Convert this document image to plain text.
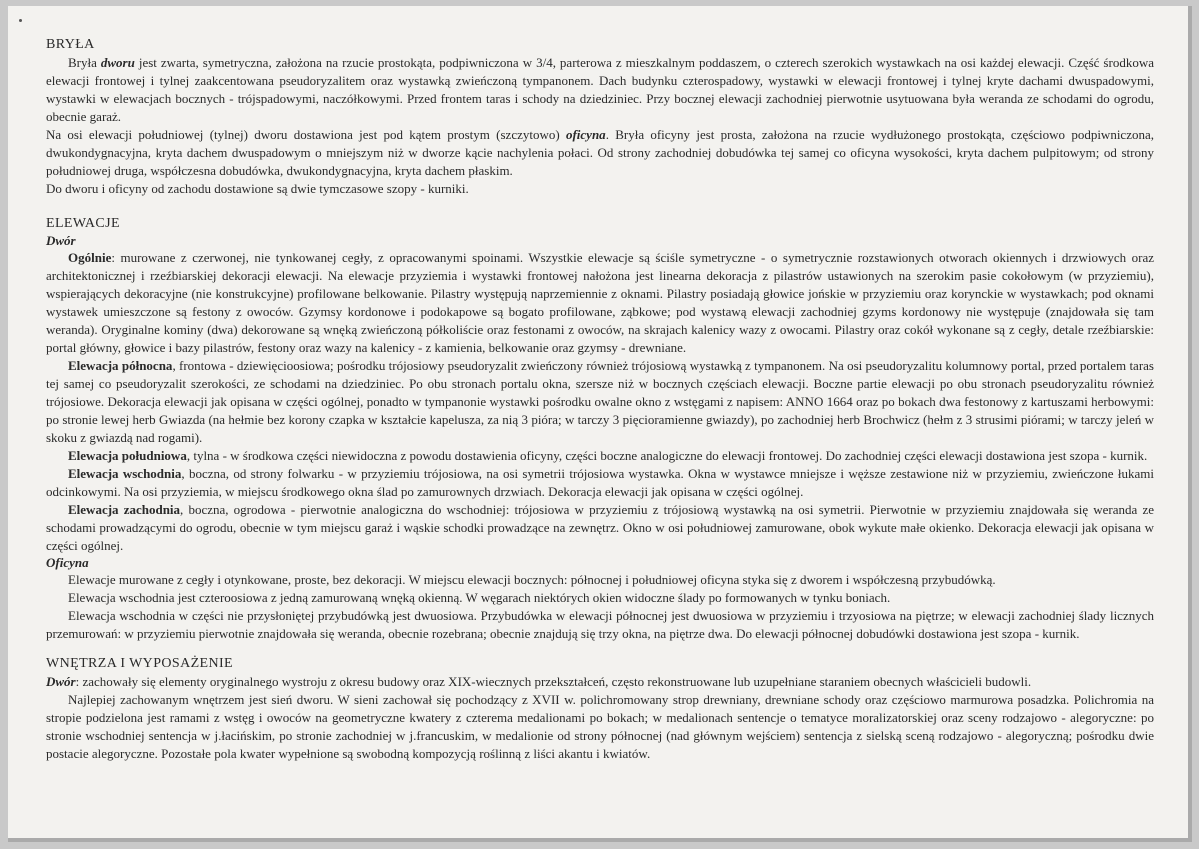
BRYŁA

Bryła dworu jest zwarta, symetryczna, założona na rzucie prostokąta, podpiwniczona w 3/4, parterowa z mieszkalnym poddaszem, o czterech szerokich wystawkach na osi każdej elewacji. Część środkowa elewacji frontowej i tylnej zaakcentowana pseudoryzalitem oraz wystawką zwieńczoną tympanonem. Dach budynku czterospadowy, wystawki w elewacji frontowej i tylnej kryte dachami dwuspadowymi, wystawki w elewacjach bocznych - trójspadowymi, naczółkowymi. Przed frontem taras i schody na dziedziniec. Przy bocznej elewacji zachodniej pierwotnie usytuowana była weranda ze schodami do ogrodu, obecnie garaż.

Na osi elewacji południowej (tylnej) dworu dostawiona jest pod kątem prostym (szczytowo) oficyna. Bryła oficyny jest prosta, założona na rzucie wydłużonego prostokąta, częściowo podpiwniczona, dwukondygnacyjna, kryta dachem dwuspadowym o mniejszym niż w dworze kącie nachylenia połaci. Od strony zachodniej dobudówka tej samej co oficyna wysokości, kryta dachem pulpitowym; od strony południowej druga, współczesna dobudówka, dwukondygnacyjna, kryta dachem płaskim.

Do dworu i oficyny od zachodu dostawione są dwie tymczasowe szopy - kurniki.

ELEWACJE
Dwór

Ogólnie: murowane z czerwonej, nie tynkowanej cegły, z opracowanymi spoinami. Wszystkie elewacje są ściśle symetryczne - o symetrycznie rozstawionych otworach okiennych i drzwiowych oraz architektonicznej i rzeźbiarskiej dekoracji elewacji. Na elewacje przyziemia i wystawki frontowej nałożona jest linearna dekoracja z pilastrów ustawionych na szerokim pasie cokołowym (w przyziemiu), wspierających dekoracyjne (nie konstrukcyjne) profilowane belkowanie. Pilastry występują naprzemiennie z oknami. Pilastry posiadają głowice jońskie w przyziemiu oraz korynckie w wystawkach; pod oknami wystawek umieszczone są festony z owoców. Gzymsy kordonowe i podokapowe są bogato profilowane, ząbkowe; pod wystawą elewacji zachodniej gzyms kordonowy nie występuje (znajdowała się tam weranda). Oryginalne kominy (dwa) dekorowane są wnęką zwieńczoną półkoliście oraz festonami z owoców, na skrajach kalenicy wazy z owocami. Pilastry oraz cokół wykonane są z cegły, detale rzeźbiarskie: portal główny, głowice i bazy pilastrów, festony oraz wazy na kalenicy - z kamienia, belkowanie oraz gzymsy - drewniane.

Elewacja północna, frontowa - dziewięcioosiowa; pośrodku trójosiowy pseudoryzalit zwieńczony również trójosiową wystawką z tympanonem. Na osi pseudoryzalitu kolumnowy portal, przed portalem taras tej samej co pseudoryzalit szerokości, ze schodami na dziedziniec. Po obu stronach portalu okna, szersze niż w bocznych częściach elewacji. Boczne partie elewacji po obu stronach pseudoryzalitu również trójosiowe. Dekoracja elewacji jak opisana w części ogólnej, ponadto w tympanonie wystawki pośrodku owalne okno z wstęgami z napisem: ANNO 1664 oraz po bokach dwa festonowy z kartuszami herbowymi: po stronie lewej herb Gwiazda (na hełmie bez korony czapka w kształcie kapelusza, za nią 3 pióra; w tarczy 3 pięcioramienne gwiazdy), po zachodniej herb Brochwicz (hełm z 3 strusimi piórami; w tarczy jeleń w skoku z gwiazdą nad rogami).

Elewacja południowa, tylna - w środkowa części niewidoczna z powodu dostawienia oficyny, części boczne analogiczne do elewacji frontowej. Do zachodniej części elewacji dostawiona jest szopa - kurnik.

Elewacja wschodnia, boczna, od strony folwarku - w przyziemiu trójosiowa, na osi symetrii trójosiowa wystawka. Okna w wystawce mniejsze i węższe zestawione niż w przyziemiu, zwieńczone łukami odcinkowymi. Na osi przyziemia, w miejscu środkowego okna ślad po zamurownych drzwiach. Dekoracja elewacji jak opisana w części ogólnej.

Elewacja zachodnia, boczna, ogrodowa - pierwotnie analogiczna do wschodniej: trójosiowa w przyziemiu z trójosiową wystawką na osi symetrii. Pierwotnie w przyziemiu znajdowała się weranda ze schodami prowadzącymi do ogrodu, obecnie w tym miejscu garaż i wąskie schodki prowadzące na zewnętrz. Okno w osi południowej zamurowane, obok wykute małe okienko. Dekoracja elewacji jak opisana w części ogólnej.

Oficyna

Elewacje murowane z cegły i otynkowane, proste, bez dekoracji. W miejscu elewacji bocznych: północnej i południowej oficyna styka się z dworem i współczesną przybudówką.

Elewacja wschodnia jest czteroosiowa z jedną zamurowaną wnęką okienną. W węgarach niektórych okien widoczne ślady po formowanych w tynku boniach.

Elewacja wschodnia w części nie przysłoniętej przybudówką jest dwuosiowa. Przybudówka w elewacji północnej jest dwuosiowa w przyziemiu i trzyosiowa na piętrze; w elewacji zachodniej ślady licznych przemurowań: w przyziemiu pierwotnie znajdowała się weranda, obecnie rozebrana; obecnie znajdują się trzy okna, na piętrze dwa. Do elewacji północnej dobudówki dostawiona jest szopa - kurnik.

WNĘTRZA I WYPOSAŻENIE

Dwór: zachowały się elementy oryginalnego wystroju z okresu budowy oraz XIX-wiecznych przekształceń, często rekonstruowane lub uzupełniane staraniem obecnych właścicieli budowli.

Najlepiej zachowanym wnętrzem jest sień dworu. W sieni zachował się pochodzący z XVII w. polichromowany strop drewniany, drewniane schody oraz częściowo marmurowa posadzka. Polichromia na stropie podzielona jest ramami z wstęg i owoców na geometryczne kwatery z czterema medalionami po bokach; w medalionach sentencje o tematyce moralizatorskiej oraz sceny rodzajowo - alegoryczne: po stronie wschodniej sentencja w j.łacińskim, po stronie zachodniej w j.francuskim, w medalionie od strony północnej (nad głównym wejściem) sentencja z sielską sceną rodzajowo - alegoryczną; pośrodku dwie postacie alegoryczne. Pozostałe pola kwater wypełnione są swobodną kompozycją roślinną z liści akantu i kwiatów.
